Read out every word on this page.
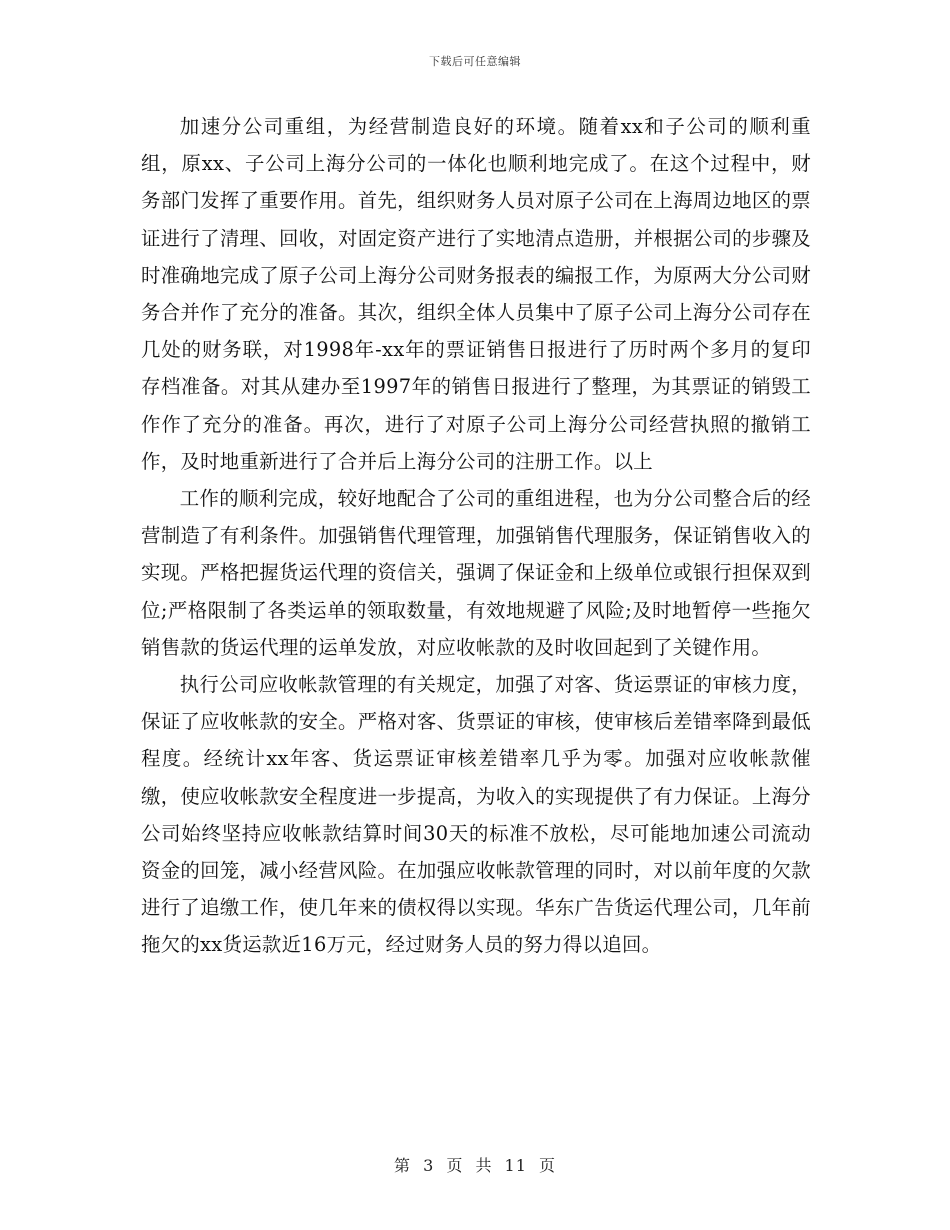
下载后可任意编辑

加速分公司重组，为经营制造良好的环境。随着xx和子公司的顺利重组，原xx、子公司上海分公司的一体化也顺利地完成了。在这个过程中，财务部门发挥了重要作用。首先，组织财务人员对原子公司在上海周边地区的票证进行了清理、回收，对固定资产进行了实地清点造册，并根据公司的步骤及时准确地完成了原子公司上海分公司财务报表的编报工作，为原两大分公司财务合并作了充分的准备。其次，组织全体人员集中了原子公司上海分公司存在几处的财务联，对1998年-xx年的票证销售日报进行了历时两个多月的复印存档准备。对其从建办至1997年的销售日报进行了整理，为其票证的销毁工作作了充分的准备。再次，进行了对原子公司上海分公司经营执照的撤销工作，及时地重新进行了合并后上海分公司的注册工作。以上

工作的顺利完成，较好地配合了公司的重组进程，也为分公司整合后的经营制造了有利条件。加强销售代理管理，加强销售代理服务，保证销售收入的实现。严格把握货运代理的资信关，强调了保证金和上级单位或银行担保双到位;严格限制了各类运单的领取数量，有效地规避了风险;及时地暂停一些拖欠销售款的货运代理的运单发放，对应收帐款的及时收回起到了关键作用。

执行公司应收帐款管理的有关规定，加强了对客、货运票证的审核力度，保证了应收帐款的安全。严格对客、货票证的审核，使审核后差错率降到最低程度。经统计xx年客、货运票证审核差错率几乎为零。加强对应收帐款催缴，使应收帐款安全程度进一步提高，为收入的实现提供了有力保证。上海分公司始终坚持应收帐款结算时间30天的标准不放松，尽可能地加速公司流动资金的回笼，减小经营风险。在加强应收帐款管理的同时，对以前年度的欠款进行了追缴工作，使几年来的债权得以实现。华东广告货运代理公司，几年前拖欠的xx货运款近16万元，经过财务人员的努力得以追回。

第 3 页 共 11 页
